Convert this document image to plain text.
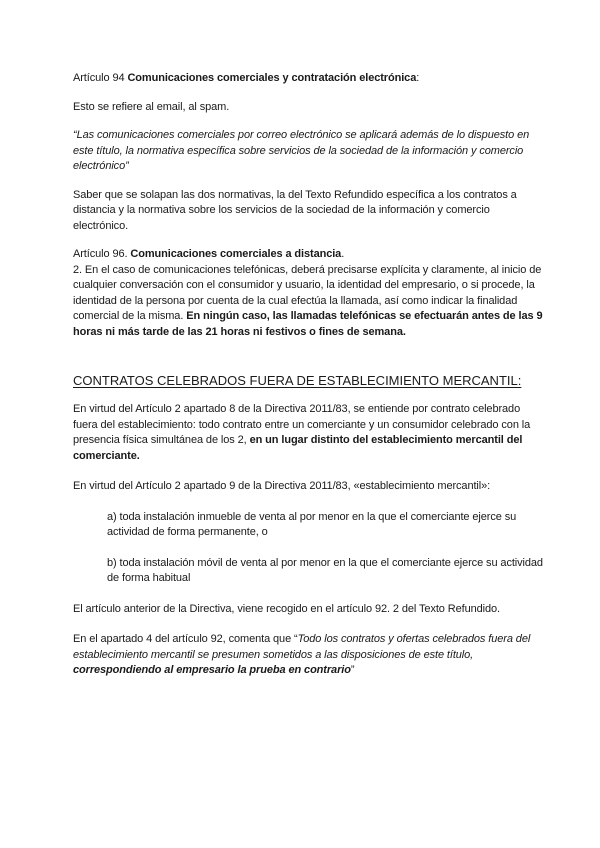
Artículo 94 Comunicaciones comerciales y contratación electrónica:

Esto se refiere al email, al spam.

“Las comunicaciones comerciales por correo electrónico se aplicará además de lo dispuesto en este título, la normativa específica sobre servicios de la sociedad de la información y comercio electrónico”

Saber que se solapan las dos normativas, la del Texto Refundido específica a los contratos a distancia y la normativa sobre los servicios de la sociedad de la información y comercio electrónico.

Artículo 96. Comunicaciones comerciales a distancia.

2. En el caso de comunicaciones telefónicas, deberá precisarse explícita y claramente, al inicio de cualquier conversación con el consumidor y usuario, la identidad del empresario, o si procede, la identidad de la persona por cuenta de la cual efectúa la llamada, así como indicar la finalidad comercial de la misma. En ningún caso, las llamadas telefónicas se efectuarán antes de las 9 horas ni más tarde de las 21 horas ni festivos o fines de semana.

CONTRATOS CELEBRADOS FUERA DE ESTABLECIMIENTO MERCANTIL:

En virtud del Artículo 2 apartado 8 de la Directiva 2011/83, se entiende por contrato celebrado fuera del establecimiento: todo contrato entre un comerciante y un consumidor celebrado con la presencia física simultánea de los 2, en un lugar distinto del establecimiento mercantil del comerciante.

En virtud del Artículo 2 apartado 9 de la Directiva 2011/83, «establecimiento mercantil»:

a) toda instalación inmueble de venta al por menor en la que el comerciante ejerce su actividad de forma permanente, o

b) toda instalación móvil de venta al por menor en la que el comerciante ejerce su actividad de forma habitual

El artículo anterior de la Directiva, viene recogido en el artículo 92. 2 del Texto Refundido.

En el apartado 4 del artículo 92, comenta que “Todo los contratos y ofertas celebrados fuera del establecimiento mercantil se presumen sometidos a las disposiciones de este título, correspondiendo al empresario la prueba en contrario”
